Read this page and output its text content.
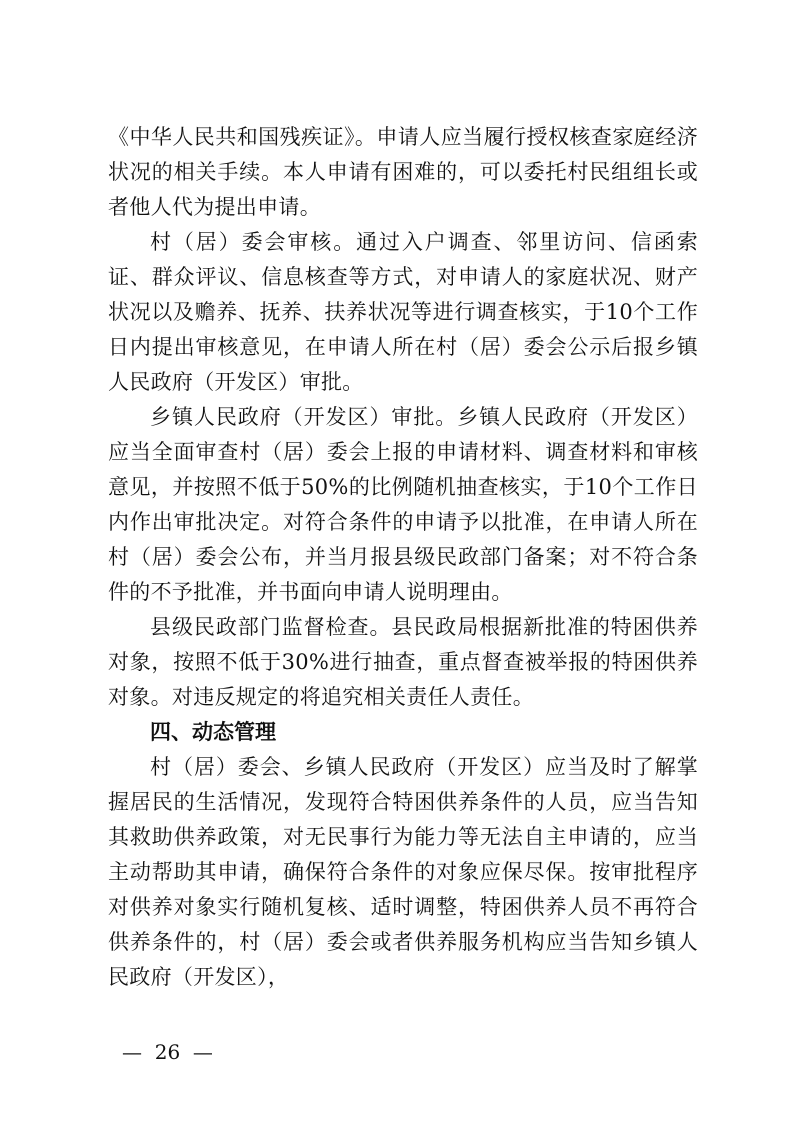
《中华人民共和国残疾证》。申请人应当履行授权核查家庭经济状况的相关手续。本人申请有困难的，可以委托村民组组长或者他人代为提出申请。

村（居）委会审核。通过入户调查、邻里访问、信函索证、群众评议、信息核查等方式，对申请人的家庭状况、财产状况以及赡养、抚养、扶养状况等进行调查核实，于10个工作日内提出审核意见，在申请人所在村（居）委会公示后报乡镇人民政府（开发区）审批。

乡镇人民政府（开发区）审批。乡镇人民政府（开发区）应当全面审查村（居）委会上报的申请材料、调查材料和审核意见，并按照不低于50%的比例随机抽查核实，于10个工作日内作出审批决定。对符合条件的申请予以批准，在申请人所在村（居）委会公布，并当月报县级民政部门备案；对不符合条件的不予批准，并书面向申请人说明理由。

县级民政部门监督检查。县民政局根据新批准的特困供养对象，按照不低于30%进行抽查，重点督查被举报的特困供养对象。对违反规定的将追究相关责任人责任。

四、动态管理

村（居）委会、乡镇人民政府（开发区）应当及时了解掌握居民的生活情况，发现符合特困供养条件的人员，应当告知其救助供养政策，对无民事行为能力等无法自主申请的，应当主动帮助其申请，确保符合条件的对象应保尽保。按审批程序对供养对象实行随机复核、适时调整，特困供养人员不再符合供养条件的，村（居）委会或者供养服务机构应当告知乡镇人民政府（开发区），

—  26  —
